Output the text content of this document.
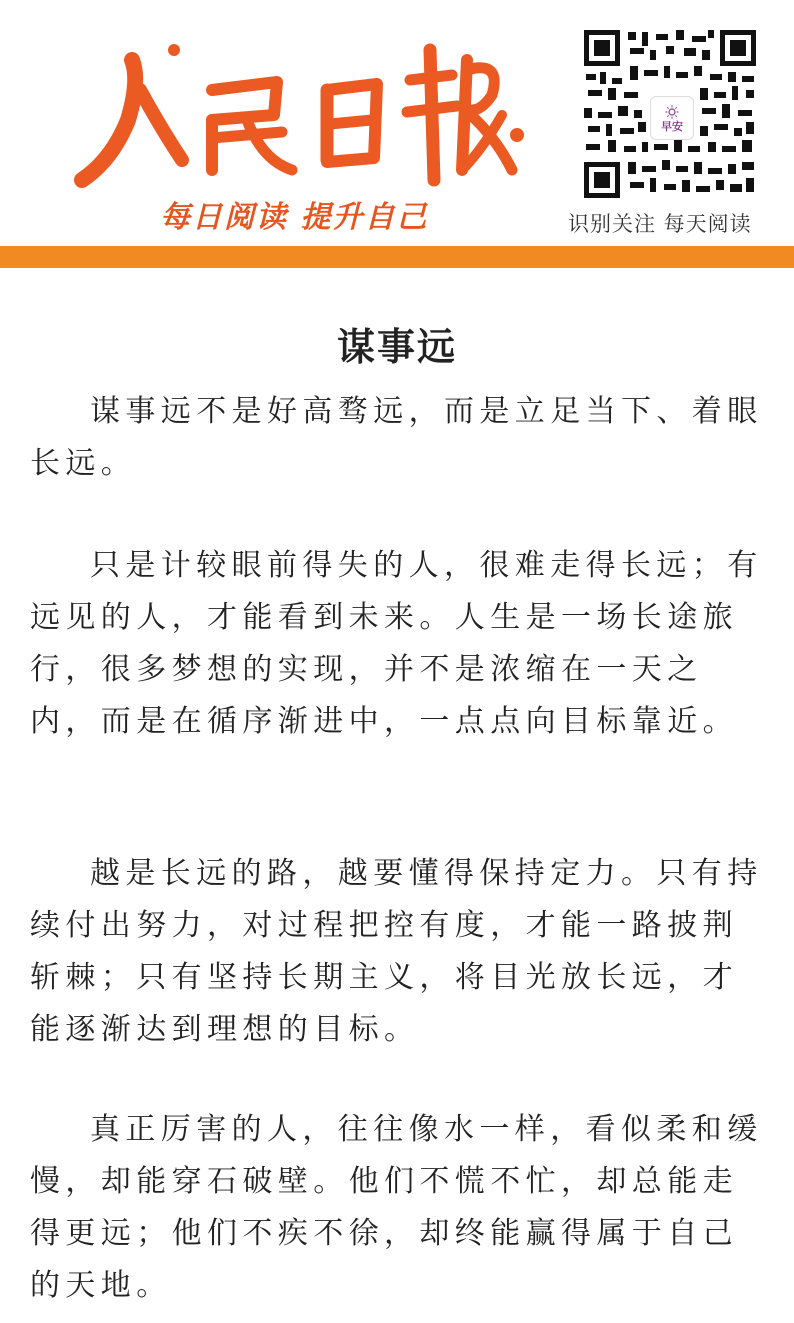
每日阅读 提升自己
早安
识别关注 每天阅读
谋事远

谋事远不是好高骛远，而是立足当下、着眼长远。

只是计较眼前得失的人，很难走得长远；有远见的人，才能看到未来。人生是一场长途旅行，很多梦想的实现，并不是浓缩在一天之内，而是在循序渐进中，一点点向目标靠近。

越是长远的路，越要懂得保持定力。只有持续付出努力，对过程把控有度，才能一路披荆斩棘；只有坚持长期主义，将目光放长远，才能逐渐达到理想的目标。

真正厉害的人，往往像水一样，看似柔和缓慢，却能穿石破壁。他们不慌不忙，却总能走得更远；他们不疾不徐，却终能赢得属于自己的天地。
